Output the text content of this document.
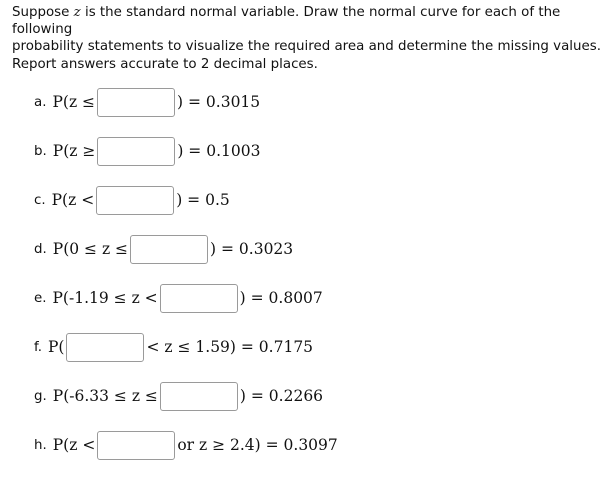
Suppose z is the standard normal variable. Draw the normal curve for each of the following

probability statements to visualize the required area and determine the missing values.

Report answers accurate to 2 decimal places.
a. P(z ≤	) = 0.3015
b. P(z ≥	) = 0.1003
c. P(z <	) = 0.5
d. P(0 ≤ z ≤	) = 0.3023
e. P(-1.19 ≤ z <	) = 0.8007
f. P(	< z ≤ 1.59) = 0.7175
g. P(-6.33 ≤ z ≤	) = 0.2266
h. P(z <	or z ≥ 2.4) = 0.3097
